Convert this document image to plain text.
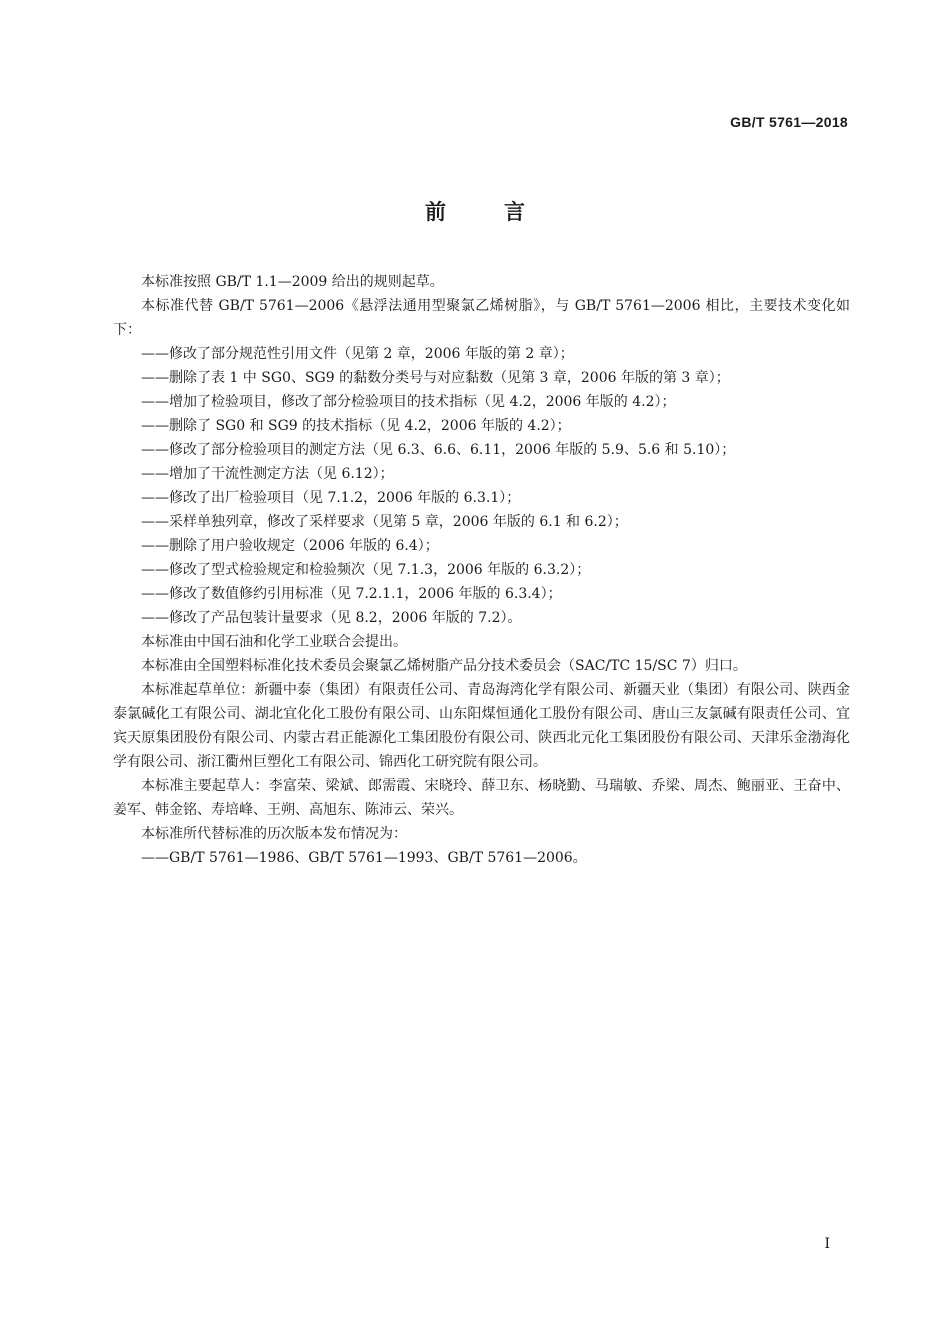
GB/T 5761—2018
前言

本标准按照 GB/T 1.1—2009 给出的规则起草。

本标准代替 GB/T 5761—2006《悬浮法通用型聚氯乙烯树脂》，与 GB/T 5761—2006 相比，主要技术变化如下：

——修改了部分规范性引用文件（见第 2 章，2006 年版的第 2 章）；

——删除了表 1 中 SG0、SG9 的黏数分类号与对应黏数（见第 3 章，2006 年版的第 3 章）；

——增加了检验项目，修改了部分检验项目的技术指标（见 4.2，2006 年版的 4.2）；

——删除了 SG0 和 SG9 的技术指标（见 4.2，2006 年版的 4.2）；

——修改了部分检验项目的测定方法（见 6.3、6.6、6.11，2006 年版的 5.9、5.6 和 5.10）；

——增加了干流性测定方法（见 6.12）；

——修改了出厂检验项目（见 7.1.2，2006 年版的 6.3.1）；

——采样单独列章，修改了采样要求（见第 5 章，2006 年版的 6.1 和 6.2）；

——删除了用户验收规定（2006 年版的 6.4）；

——修改了型式检验规定和检验频次（见 7.1.3，2006 年版的 6.3.2）；

——修改了数值修约引用标准（见 7.2.1.1，2006 年版的 6.3.4）；

——修改了产品包装计量要求（见 8.2，2006 年版的 7.2）。

本标准由中国石油和化学工业联合会提出。

本标准由全国塑料标准化技术委员会聚氯乙烯树脂产品分技术委员会（SAC/TC 15/SC 7）归口。

本标准起草单位：新疆中泰（集团）有限责任公司、青岛海湾化学有限公司、新疆天业（集团）有限公司、陕西金泰氯碱化工有限公司、湖北宜化化工股份有限公司、山东阳煤恒通化工股份有限公司、唐山三友氯碱有限责任公司、宜宾天原集团股份有限公司、内蒙古君正能源化工集团股份有限公司、陕西北元化工集团股份有限公司、天津乐金渤海化学有限公司、浙江衢州巨塑化工有限公司、锦西化工研究院有限公司。

本标准主要起草人：李富荣、梁斌、郎需霞、宋晓玲、薛卫东、杨晓勤、马瑞敏、乔梁、周杰、鲍丽亚、王奋中、姜军、韩金铭、寿培峰、王朔、高旭东、陈沛云、荣兴。

本标准所代替标准的历次版本发布情况为：

——GB/T 5761—1986、GB/T 5761—1993、GB/T 5761—2006。

I
